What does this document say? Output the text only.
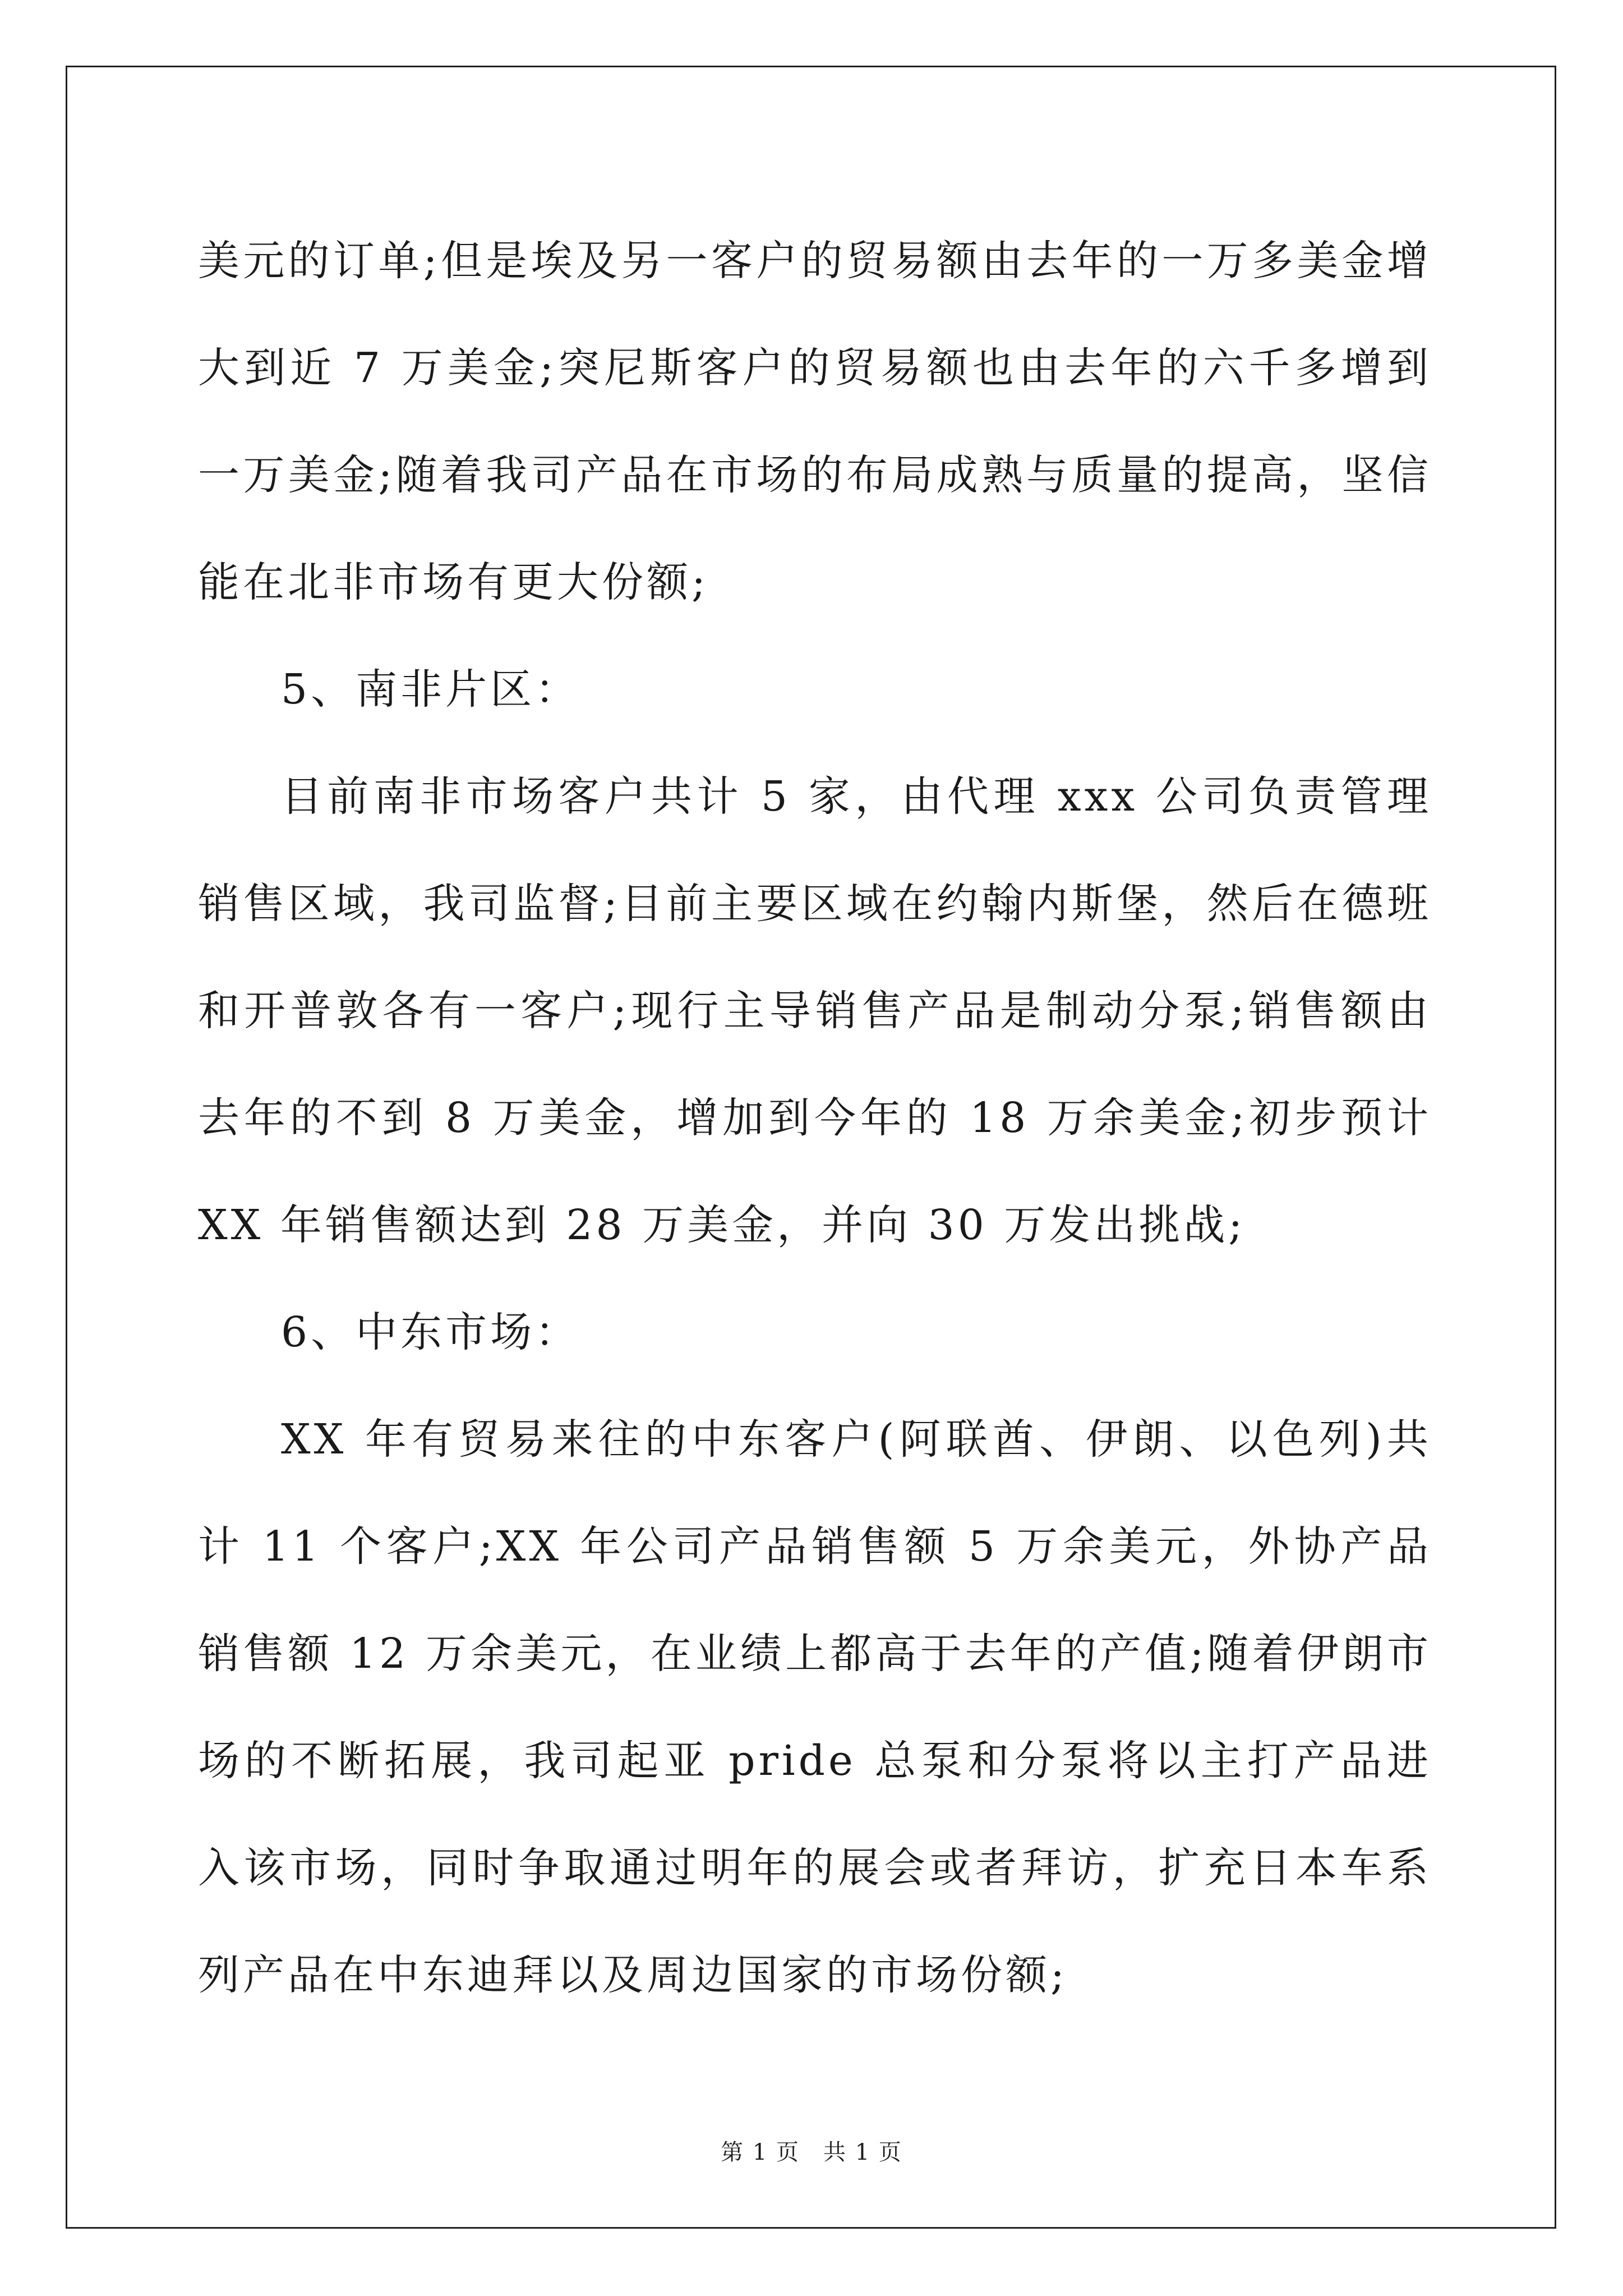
美元的订单;但是埃及另一客户的贸易额由去年的一万多美金增大到近 7 万美金;突尼斯客户的贸易额也由去年的六千多增到一万美金;随着我司产品在市场的布局成熟与质量的提高，坚信能在北非市场有更大份额;

5、南非片区：

目前南非市场客户共计 5 家，由代理 xxx 公司负责管理销售区域，我司监督;目前主要区域在约翰内斯堡，然后在德班和开普敦各有一客户;现行主导销售产品是制动分泵;销售额由去年的不到 8 万美金，增加到今年的 18 万余美金;初步预计 XX 年销售额达到 28 万美金，并向 30 万发出挑战;

6、中东市场：

XX 年有贸易来往的中东客户(阿联酋、伊朗、以色列)共计 11 个客户;XX 年公司产品销售额 5 万余美元，外协产品销售额 12 万余美元，在业绩上都高于去年的产值;随着伊朗市场的不断拓展，我司起亚 pride 总泵和分泵将以主打产品进入该市场，同时争取通过明年的展会或者拜访，扩充日本车系列产品在中东迪拜以及周边国家的市场份额;

第 1 页　共 1 页
